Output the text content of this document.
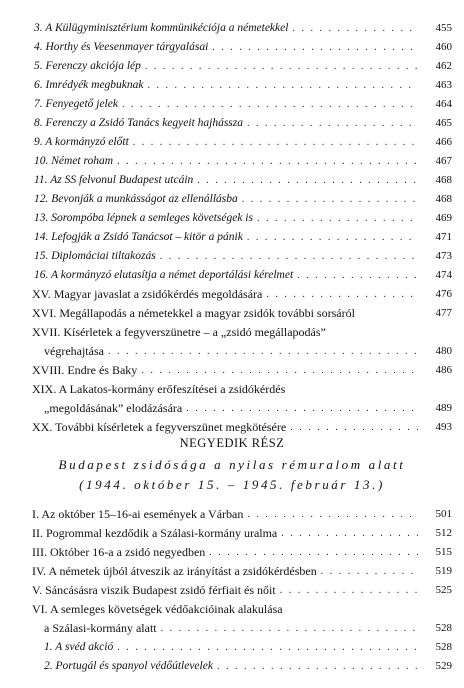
3. A Külügyminisztérium kommünikéciója a németekkel . . .	455
4. Horthy és Veesenmayer tárgyalásai . . .	460
5. Ferenczy akciója lép . . .	462
6. Imrédyék megbuknak . . .	463
7. Fenyegető jelek . . .	464
8. Ferenczy a Zsidó Tanács kegyeit hajhássza . . .	465
9. A kormányzó előtt . . .	466
10. Német roham . . .	467
11. Az SS felvonul Budapest utcáin . . .	468
12. Bevonják a munkásságot az ellenállásba . . .	468
13. Sorompóba lépnek a semleges követségek is . . .	469
14. Lefogják a Zsidó Tanácsot – kitör a pánik . . .	471
15. Diplomáciai tiltakozás . . .	473
16. A kormányzó elutasítja a német deportálási kérelmet . . .	474
XV. Magyar javaslat a zsidókérdés megoldására . . .	476
XVI. Megállapodás a németekkel a magyar zsidók további sorsáról	477
XVII. Kísérletek a fegyverszünetre – a „zsidó megállapodás”
végrehajtása . . .	480
XVIII. Endre és Baky . . .	486
XIX. A Lakatos-kormány erőfeszítései a zsidókérdés
„megoldásának” elodázására . . .	489
XX. További kísérletek a fegyverszünet megkötésére . . .	493
NEGYEDIK RÉSZ
Budapest zsidósága a nyilas rémuralom alatt
(1944. október 15. – 1945. február 13.)
I. Az október 15–16-ai események a Várban . . .	501
II. Pogrommal kezdődik a Szálasi-kormány uralma . . .	512
III. Október 16-a a zsidó negyedben . . .	515
IV. A németek újból átveszik az irányítást a zsidókérdésben . . .	519
V. Sáncásásra viszik Budapest zsidó férfiait és nőit . . .	525
VI. A semleges követségek védőakcióinak alakulása
a Szálasi-kormány alatt . . .	528
1. A svéd akció . . .	528
2. Portugál és spanyol védőútlevelek . . .	529
